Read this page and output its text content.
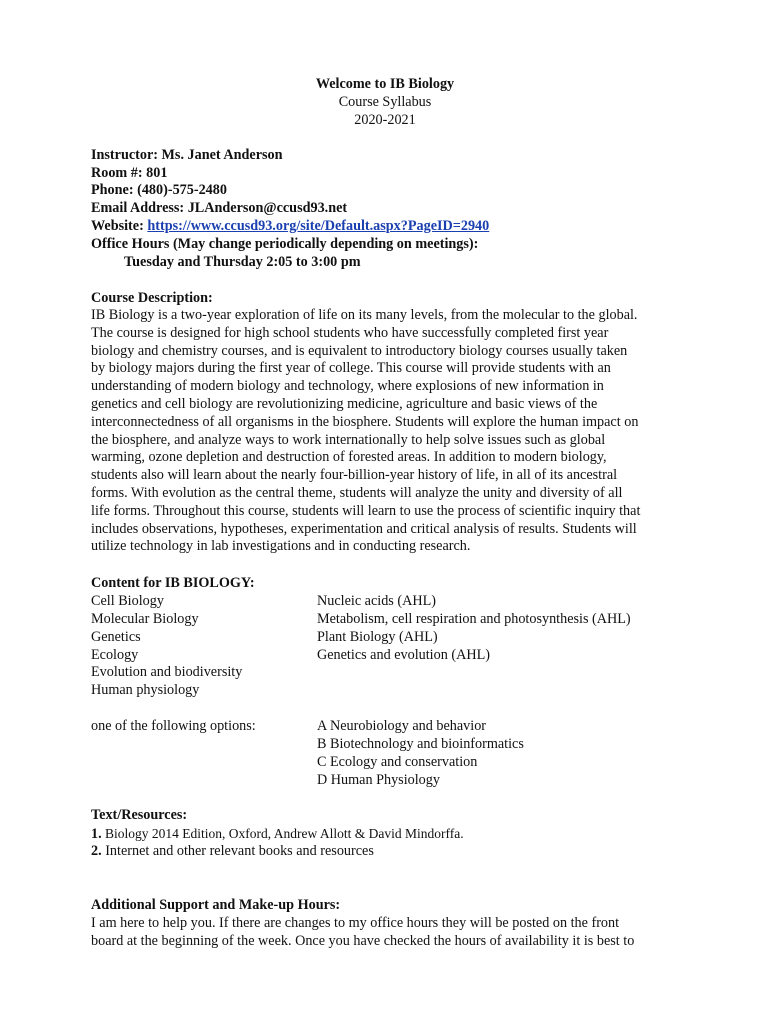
Welcome to IB Biology
Course Syllabus
2020-2021
Instructor: Ms. Janet Anderson
Room #: 801
Phone: (480)-575-2480
Email Address: JLAnderson@ccusd93.net
Website: https://www.ccusd93.org/site/Default.aspx?PageID=2940
Office Hours (May change periodically depending on meetings):
Tuesday and Thursday 2:05 to 3:00 pm
Course Description:
IB Biology is a two-year exploration of life on its many levels, from the molecular to the global.
The course is designed for high school students who have successfully completed first year
biology and chemistry courses, and is equivalent to introductory biology courses usually taken
by biology majors during the first year of college. This course will provide students with an
understanding of modern biology and technology, where explosions of new information in
genetics and cell biology are revolutionizing medicine, agriculture and basic views of the
interconnectedness of all organisms in the biosphere. Students will explore the human impact on
the biosphere, and analyze ways to work internationally to help solve issues such as global
warming, ozone depletion and destruction of forested areas. In addition to modern biology,
students also will learn about the nearly four-billion-year history of life, in all of its ancestral
forms. With evolution as the central theme, students will analyze the unity and diversity of all
life forms. Throughout this course, students will learn to use the process of scientific inquiry that
includes observations, hypotheses, experimentation and critical analysis of results. Students will
utilize technology in lab investigations and in conducting research.
Content for IB BIOLOGY:
Cell Biology
Molecular Biology
Genetics
Ecology
Evolution and biodiversity
Human physiology
Nucleic acids (AHL)
Metabolism, cell respiration and photosynthesis (AHL)
Plant Biology (AHL)
Genetics and evolution (AHL)
one of the following options:	A Neurobiology and behavior
B Biotechnology and bioinformatics
C Ecology and conservation
D Human Physiology
Text/Resources:
1. Biology 2014 Edition, Oxford, Andrew Allott & David Mindorffa.
2. Internet and other relevant books and resources
Additional Support and Make-up Hours:
I am here to help you. If there are changes to my office hours they will be posted on the front
board at the beginning of the week. Once you have checked the hours of availability it is best to
